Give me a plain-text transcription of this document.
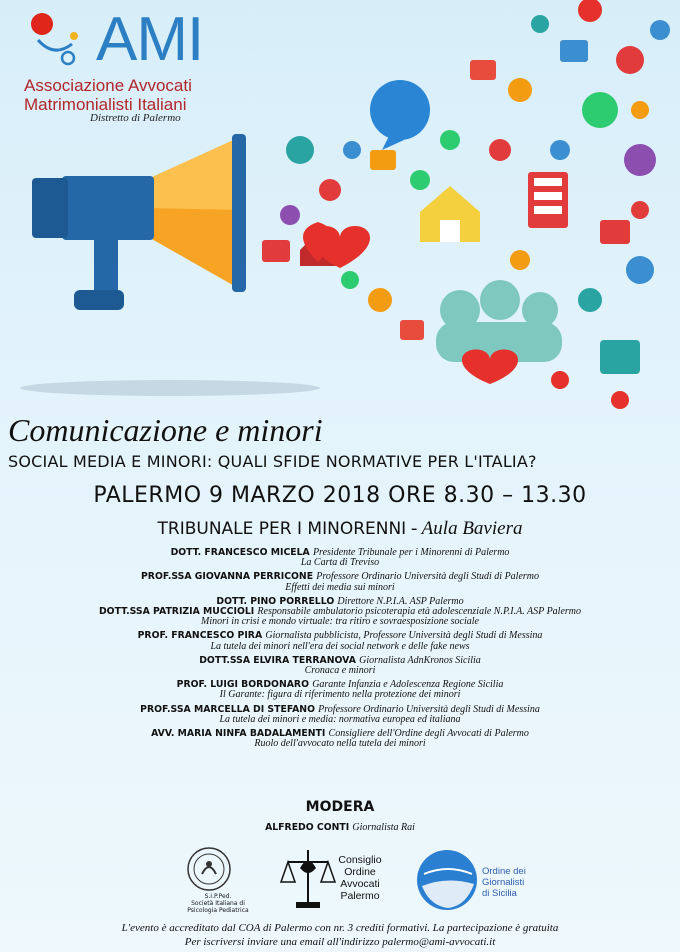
AMI
Associazione Avvocati
Matrimonialisti Italiani
Distretto di Palermo
Comunicazione e minori
SOCIAL MEDIA E MINORI: QUALI SFIDE NORMATIVE PER L'ITALIA?
PALERMO 9 MARZO 2018 ORE 8.30 – 13.30
TRIBUNALE PER I MINORENNI - Aula Baviera
DOTT. FRANCESCO MICELA Presidente Tribunale per i Minorenni di Palermo
La Carta di Treviso
PROF.SSA GIOVANNA PERRICONE Professore Ordinario Università degli Studi di Palermo
Effetti dei media sui minori
DOTT. PINO PORRELLO Direttore N.P.I.A. ASP Palermo
DOTT.SSA PATRIZIA MUCCIOLI Responsabile ambulatorio psicoterapia età adolescenziale N.P.I.A. ASP Palermo
Minori in crisi e mondo virtuale: tra ritiro e sovraesposizione sociale
PROF. FRANCESCO PIRA Giornalista pubblicista, Professore Università degli Studi di Messina
La tutela dei minori nell'era dei social network e delle fake news
DOTT.SSA ELVIRA TERRANOVA Giornalista AdnKronos Sicilia
Cronaca e minori
PROF. LUIGI BORDONARO Garante Infanzia e Adolescenza Regione Sicilia
Il Garante: figura di riferimento nella protezione dei minori
PROF.SSA MARCELLA DI STEFANO Professore Ordinario Università degli Studi di Messina
La tutela dei minori e media: normativa europea ed italiana
AVV. MARIA NINFA BADALAMENTI Consigliere dell'Ordine degli Avvocati di Palermo
Ruolo dell'avvocato nella tutela dei minori
MODERA
ALFREDO CONTI Giornalista Rai
S.I.P.Ped.
Società Italiana di Psicologia Pediatrica
Consiglio
Ordine
Avvocati
Palermo
Ordine dei
Giornalisti
di Sicilia
L'evento è accreditato dal COA di Palermo con nr. 3 crediti formativi. La partecipazione è gratuita
Per iscriversi inviare una email all'indirizzo palermo@ami-avvocati.it
